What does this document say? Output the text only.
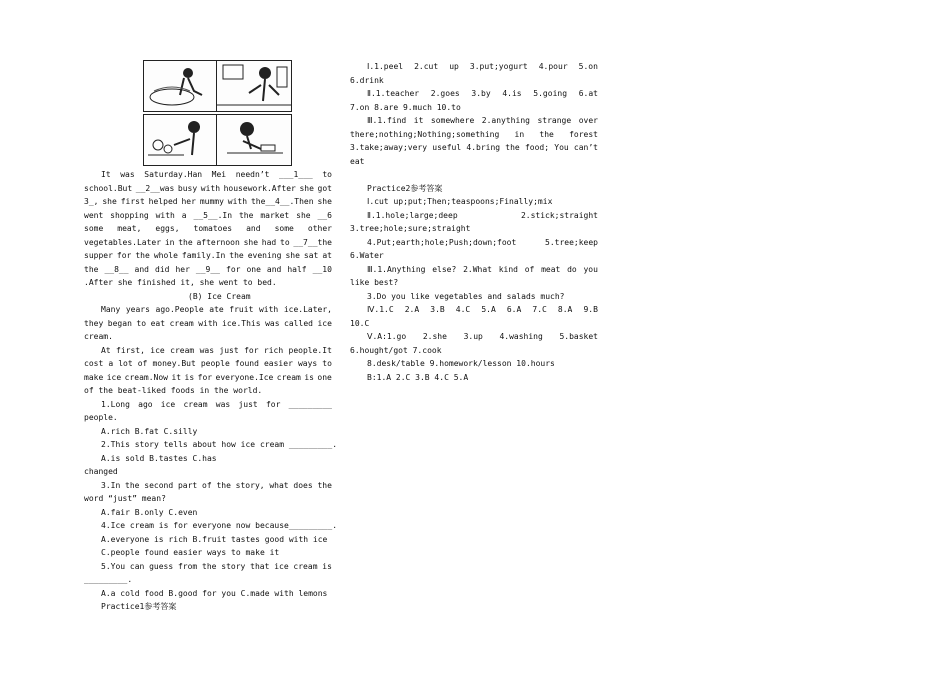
It was Saturday.Han Mei needn’t ___1___ to
school.But __2__was busy with housework.After she got
3_, she first helped her mummy with the__4__.Then she
went shopping with a __5__.In the market she __6
some meat, eggs, tomatoes and some other
vegetables.Later in the afternoon she had to __7__the
supper for the whole family.In the evening she sat at
the __8__ and did her __9__ for one and half __10
.After she finished it, she went to bed.
(B) Ice Cream
Many years ago.People ate fruit with ice.Later,
they began to eat cream with ice.This was called ice
cream.
At first, ice cream was just for rich people.It
cost a lot of money.But people found easier ways to
make ice cream.Now it is for everyone.Ice cream is one
of the beat-liked foods in the world.
1.Long ago ice cream was just for _________
people.
A.rich B.fat C.silly
2.This story tells about how ice cream _________.
A.is sold B.tastes C.has
changed
3.In the second part of the story, what does the
word “just” mean?
A.fair B.only C.even
4.Ice cream is for everyone now because_________.
A.everyone is rich B.fruit tastes good with ice
C.people found easier ways to make it
5.You can guess from the story that ice cream is
_________.
A.a cold food B.good for you C.made with lemons
Practice1参考答案
Ⅰ.1.peel 2.cut up 3.put;yogurt 4.pour 5.on
6.drink
Ⅱ.1.teacher 2.goes 3.by 4.is 5.going 6.at
7.on 8.are 9.much 10.to
Ⅲ.1.find it somewhere 2.anything strange over
there;nothing;Nothing;something in the forest
3.take;away;very useful 4.bring the food; You can’t
eat
Practice2参考答案
Ⅰ.cut up;put;Then;teaspoons;Finally;mix
Ⅱ.1.hole;large;deep	2.stick;straight
3.tree;hole;sure;straight
4.Put;earth;hole;Push;down;foot	5.tree;keep
6.Water
Ⅲ.1.Anything else? 2.What kind of meat do you
like best?
3.Do you like vegetables and salads much?
Ⅳ.1.C 2.A 3.B 4.C 5.A 6.A 7.C 8.A 9.B
10.C
Ⅴ.A:1.go 2.she 3.up 4.washing 5.basket
6.hought/got 7.cook
8.desk/table 9.homework/lesson 10.hours
B:1.A 2.C 3.B 4.C 5.A
